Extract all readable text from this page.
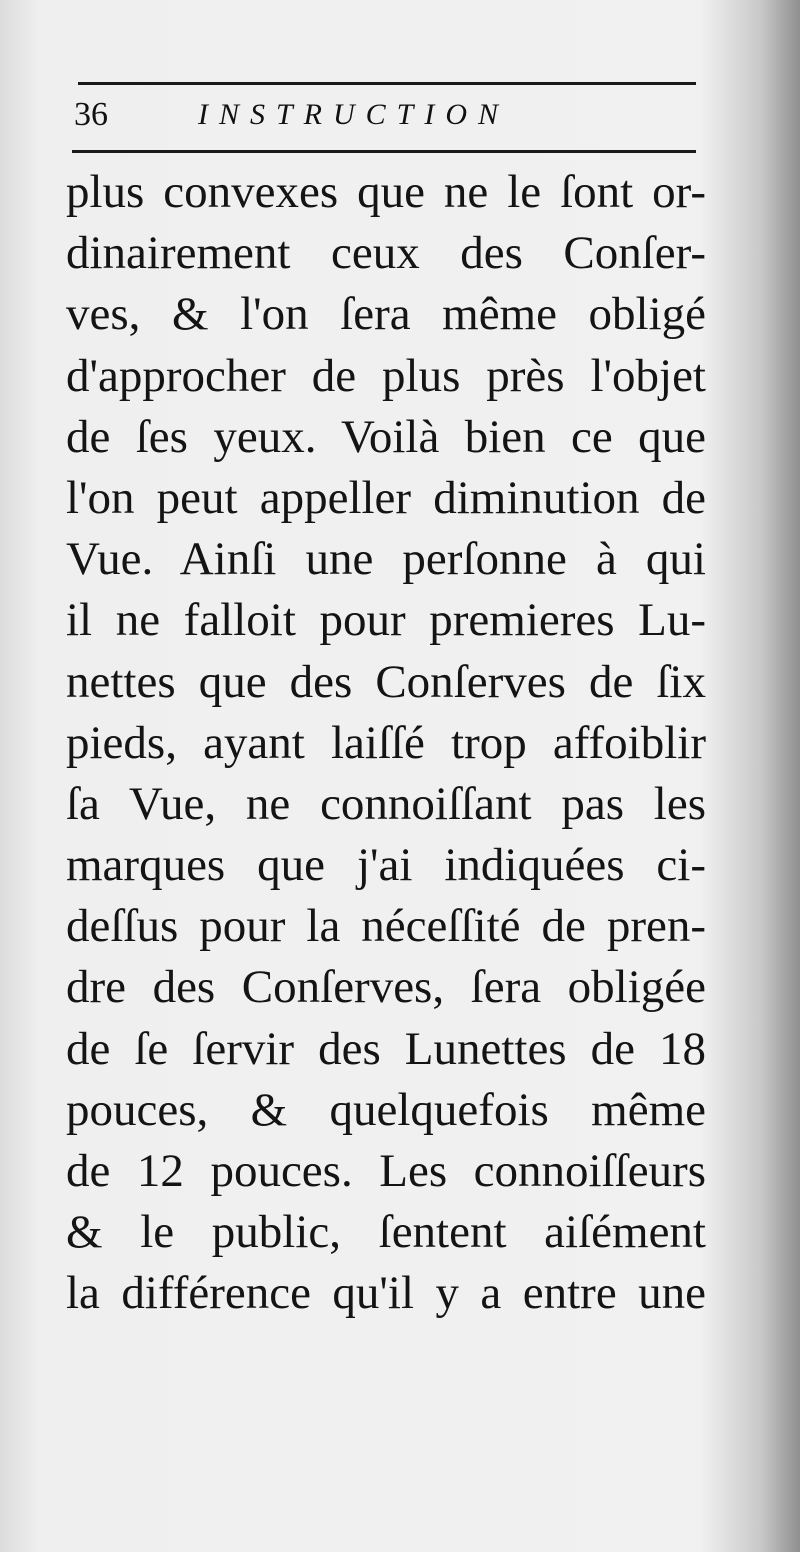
36	INSTRUCTION
plus convexes que ne le ſont or-
dinairement ceux des Conſer-
ves, & l'on ſera même obligé
d'approcher de plus près l'objet
de ſes yeux. Voilà bien ce que
l'on peut appeller diminution de
Vue. Ainſi une perſonne à qui
il ne falloit pour premieres Lu-
nettes que des Conſerves de ſix
pieds, ayant laiſſé trop affoiblir
ſa Vue, ne connoiſſant pas les
marques que j'ai indiquées ci-
deſſus pour la néceſſité de pren-
dre des Conſerves, ſera obligée
de ſe ſervir des Lunettes de 18
pouces, & quelquefois même
de 12 pouces. Les connoiſſeurs
& le public, ſentent aiſément
la différence qu'il y a entre une
